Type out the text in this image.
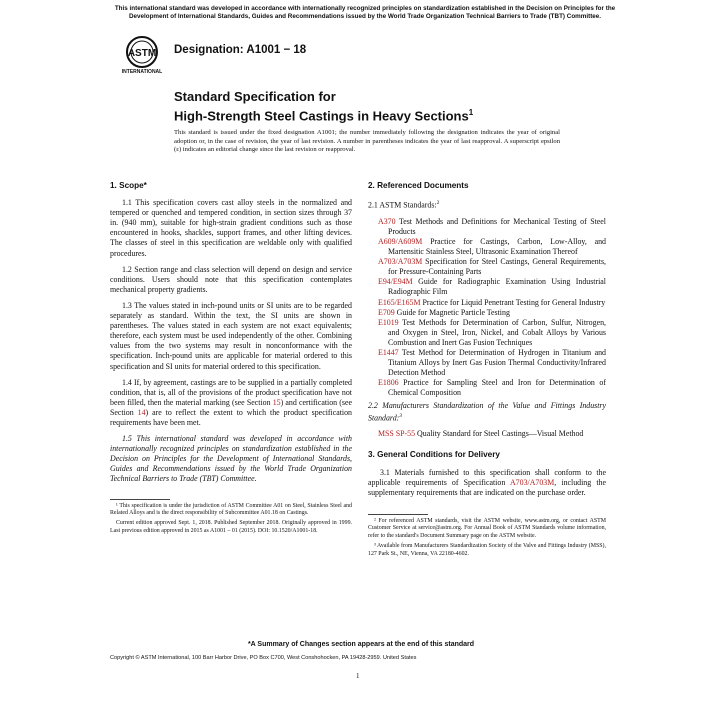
This international standard was developed in accordance with internationally recognized principles on standardization established in the Decision on Principles for the Development of International Standards, Guides and Recommendations issued by the World Trade Organization Technical Barriers to Trade (TBT) Committee.
ASTM
INTERNATIONAL
Designation: A1001 − 18
Standard Specification for
High-Strength Steel Castings in Heavy Sections$^1$
This standard is issued under the fixed designation A1001; the number immediately following the designation indicates the year of original adoption or, in the case of revision, the year of last revision. A number in parentheses indicates the year of last reapproval. A superscript epsilon (ε) indicates an editorial change since the last revision or reapproval.
1. Scope*

1.1 This specification covers cast alloy steels in the normalized and tempered or quenched and tempered condition, in section sizes through 37 in. (940 mm), suitable for high-strain gradient conditions such as those encountered in hooks, shackles, support frames, and other lifting devices. The classes of steel in this specification are weldable only with qualified procedures.

1.2 Section range and class selection will depend on design and service conditions. Users should note that this specification contemplates mechanical property gradients.

1.3 The values stated in inch-pound units or SI units are to be regarded separately as standard. Within the text, the SI units are shown in parentheses. The values stated in each system are not exact equivalents; therefore, each system must be used independently of the other. Combining values from the two systems may result in nonconformance with the specification. Inch-pound units are applicable for material ordered to this specification and SI units for material ordered to this specification.

1.4 If, by agreement, castings are to be supplied in a partially completed condition, that is, all of the provisions of the product specification have not been filled, then the material marking (see Section 15) and certification (see Section 14) are to reflect the extent to which the product specification requirements have been met.

1.5 This international standard was developed in accordance with internationally recognized principles on standardization established in the Decision on Principles for the Development of International Standards, Guides and Recommendations issued by the World Trade Organization Technical Barriers to Trade (TBT) Committee.

¹ This specification is under the jurisdiction of ASTM Committee A01 on Steel, Stainless Steel and Related Alloys and is the direct responsibility of Subcommittee A01.18 on Castings.

Current edition approved Sept. 1, 2018. Published September 2018. Originally approved in 1999. Last previous edition approved in 2015 as A1001 – 01 (2015). DOI: 10.1520/A1001-18.

2. Referenced Documents

2.1 ASTM Standards:$^2$

A370 Test Methods and Definitions for Mechanical Testing of Steel Products
A609/A609M Practice for Castings, Carbon, Low-Alloy, and Martensitic Stainless Steel, Ultrasonic Examination Thereof
A703/A703M Specification for Steel Castings, General Requirements, for Pressure-Containing Parts
E94/E94M Guide for Radiographic Examination Using Industrial Radiographic Film
E165/E165M Practice for Liquid Penetrant Testing for General Industry
E709 Guide for Magnetic Particle Testing
E1019 Test Methods for Determination of Carbon, Sulfur, Nitrogen, and Oxygen in Steel, Iron, Nickel, and Cobalt Alloys by Various Combustion and Inert Gas Fusion Techniques
E1447 Test Method for Determination of Hydrogen in Titanium and Titanium Alloys by Inert Gas Fusion Thermal Conductivity/Infrared Detection Method
E1806 Practice for Sampling Steel and Iron for Determination of Chemical Composition

2.2 Manufacturers Standardization of the Value and Fittings Industry Standard:$^3$

MSS SP-55 Quality Standard for Steel Castings—Visual Method
3. General Conditions for Delivery

3.1 Materials furnished to this specification shall conform to the applicable requirements of Specification A703/A703M, including the supplementary requirements that are indicated on the purchase order.

² For referenced ASTM standards, visit the ASTM website, www.astm.org, or contact ASTM Customer Service at service@astm.org. For Annual Book of ASTM Standards volume information, refer to the standard's Document Summary page on the ASTM website.

³ Available from Manufacturers Standardization Society of the Valve and Fittings Industry (MSS), 127 Park St., NE, Vienna, VA 22180-4602.

*A Summary of Changes section appears at the end of this standard
Copyright © ASTM International, 100 Barr Harbor Drive, PO Box C700, West Conshohocken, PA 19428-2959. United States
1
